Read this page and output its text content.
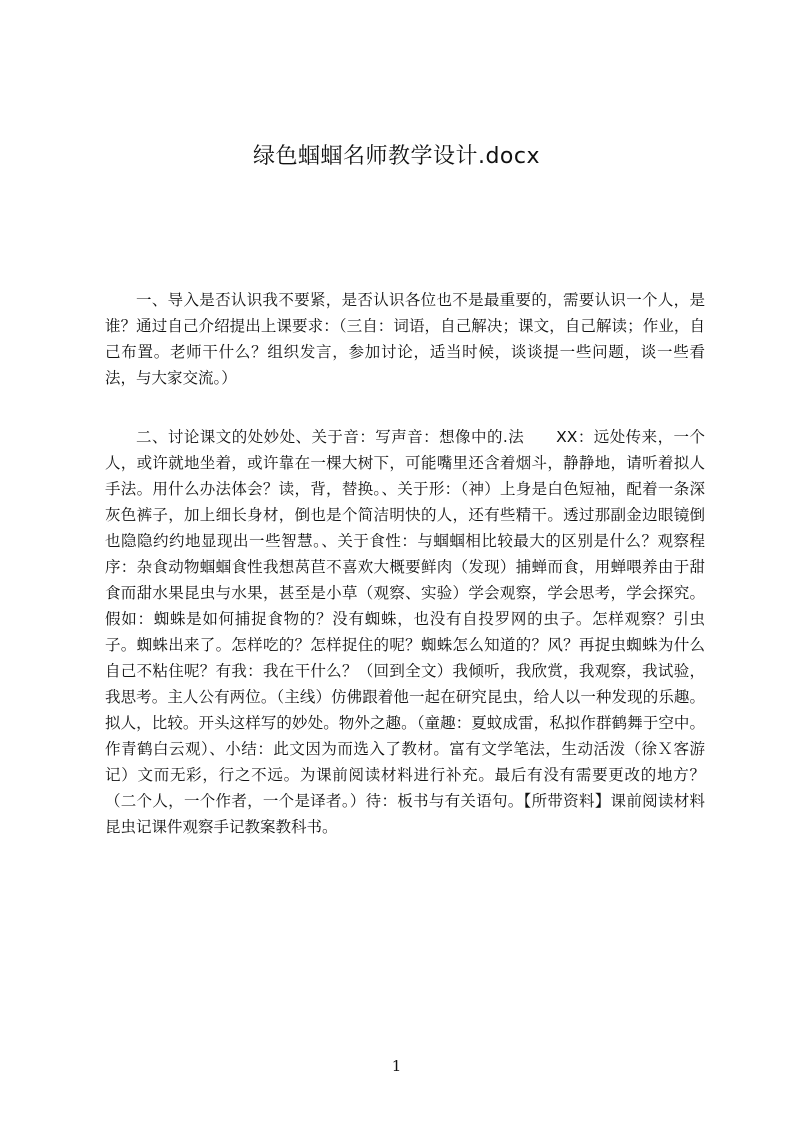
绿色蝈蝈名师教学设计.docx

一、导入是否认识我不要紧，是否认识各位也不是最重要的，需要认识一个人，是谁？通过自己介绍提出上课要求：（三自：词语，自己解决；课文，自己解读；作业，自己布置。老师干什么？组织发言，参加讨论，适当时候，谈谈提一些问题，谈一些看法，与大家交流。）

二、讨论课文的处妙处、关于音：写声音：想像中的.法　　XX：远处传来，一个人，或许就地坐着，或许靠在一棵大树下，可能嘴里还含着烟斗，静静地，请听着拟人手法。用什么办法体会？读，背，替换。、关于形：（神）上身是白色短袖，配着一条深灰色裤子，加上细长身材，倒也是个简洁明快的人，还有些精干。透过那副金边眼镜倒也隐隐约约地显现出一些智慧。、关于食性：与蝈蝈相比较最大的区别是什么？观察程序：杂食动物蝈蝈食性我想莴苣不喜欢大概要鲜肉（发现）捕蝉而食，用蝉喂养由于甜食而甜水果昆虫与水果，甚至是小草（观察、实验）学会观察，学会思考，学会探究。假如：蜘蛛是如何捕捉食物的？没有蜘蛛，也没有自投罗网的虫子。怎样观察？引虫子。蜘蛛出来了。怎样吃的？怎样捉住的呢？蜘蛛怎么知道的？风？再捉虫蜘蛛为什么自己不粘住呢？有我：我在干什么？（回到全文）我倾听，我欣赏，我观察，我试验，我思考。主人公有两位。（主线）仿佛跟着他一起在研究昆虫，给人以一种发现的乐趣。拟人，比较。开头这样写的妙处。物外之趣。（童趣：夏蚊成雷，私拟作群鹤舞于空中。作青鹤白云观）、小结：此文因为而选入了教材。富有文学笔法，生动活泼（徐Ｘ客游记）文而无彩，行之不远。为课前阅读材料进行补充。最后有没有需要更改的地方？（二个人，一个作者，一个是译者。）待：板书与有关语句。【所带资料】课前阅读材料昆虫记课件观察手记教案教科书。

1
